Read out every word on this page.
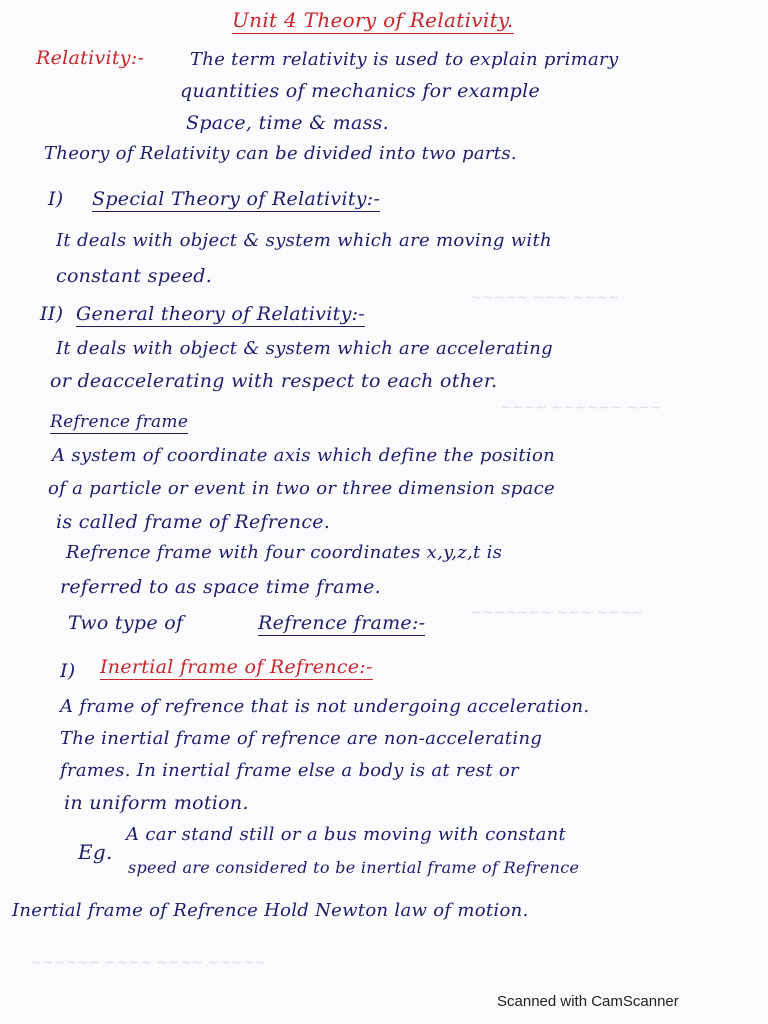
~~~~~ ~~~ ~~~~
~~~~ ~~~~~~ ~~~
~~~~~~~ ~~~ ~~~~
~~~~~~ ~~~~ ~~~~ ~~~~~
Unit 4 Theory of Relativity.
Relativity:-	The term relativity is used to explain primary
quantities of mechanics for example
Space, time & mass.
Theory of Relativity can be divided into two parts.
I) Special Theory of Relativity:-
It deals with object & system which are moving with
constant speed.
II) General theory of Relativity:-
It deals with object & system which are accelerating
or deaccelerating with respect to each other.
Refrence frame
A system of coordinate axis which define the position
of a particle or event in two or three dimension space
is called frame of Refrence.
Refrence frame with four coordinates x,y,z,t is
referred to as space time frame.
Two type of	Refrence frame:-
I) Inertial frame of Refrence:-
A frame of refrence that is not undergoing acceleration.
The inertial frame of refrence are non-accelerating
frames. In inertial frame else a body is at rest or
in uniform motion.
Eg.
A car stand still or a bus moving with constant
speed are considered to be inertial frame of Refrence
Inertial frame of Refrence Hold Newton law of motion.
Scanned with CamScanner
